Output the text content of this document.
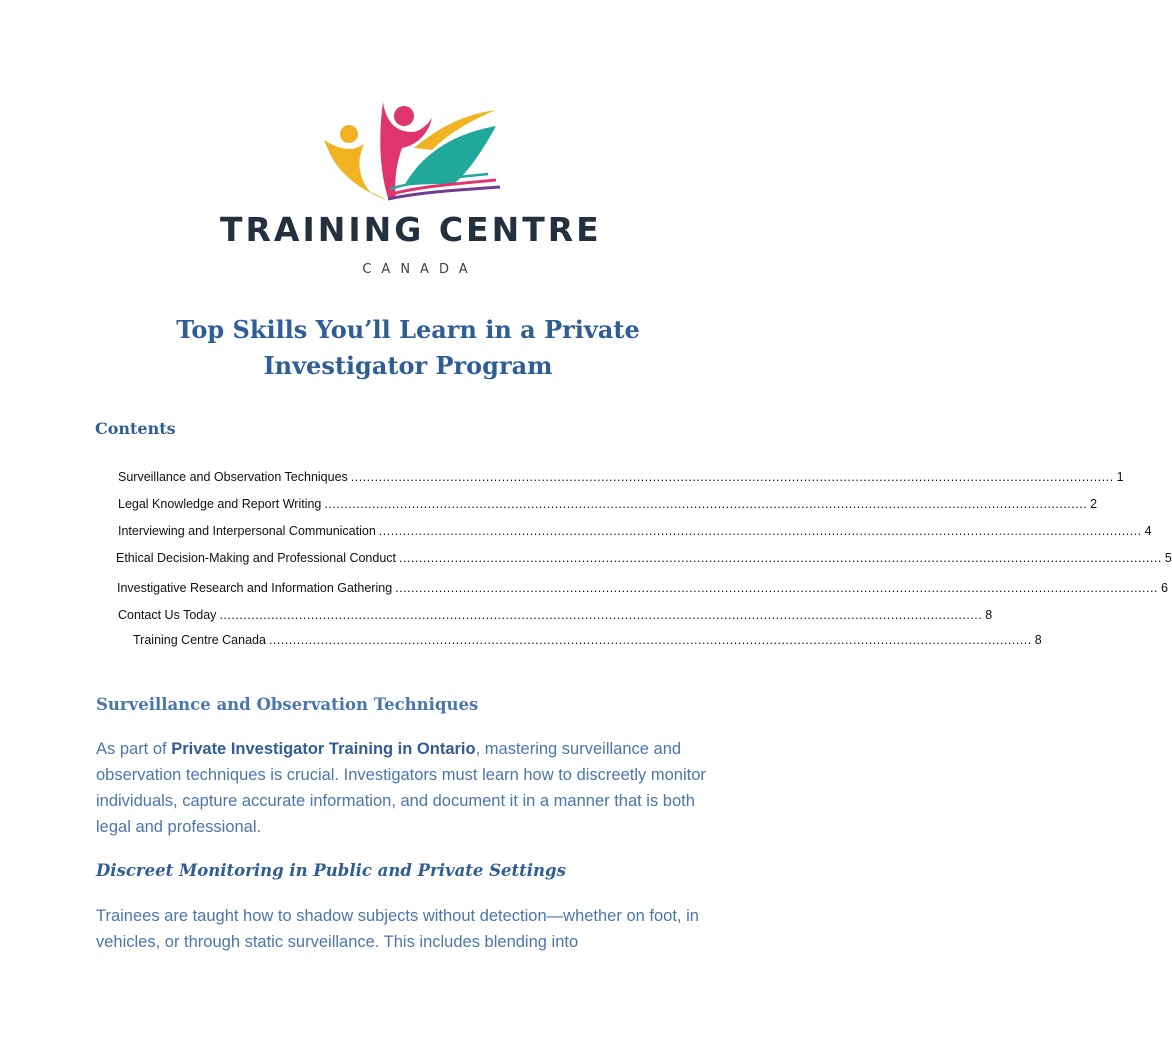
TRAINING CENTRE
CANADA
Top Skills You’ll Learn in a Private Investigator Program
Contents
Surveillance and Observation Techniques ................................................................................................................................................................................................ 1
Legal Knowledge and Report Writing ................................................................................................................................................................................................ 2
Interviewing and Interpersonal Communication ................................................................................................................................................................................................ 4
Ethical Decision-Making and Professional Conduct ................................................................................................................................................................................................ 5
Investigative Research and Information Gathering ................................................................................................................................................................................................ 6
Contact Us Today ................................................................................................................................................................................................ 8
Training Centre Canada ................................................................................................................................................................................................ 8
Surveillance and Observation Techniques

As part of Private Investigator Training in Ontario, mastering surveillance and observation techniques is crucial. Investigators must learn how to discreetly monitor individuals, capture accurate information, and document it in a manner that is both legal and professional.

Discreet Monitoring in Public and Private Settings

Trainees are taught how to shadow subjects without detection—whether on foot, in vehicles, or through static surveillance. This includes blending into
